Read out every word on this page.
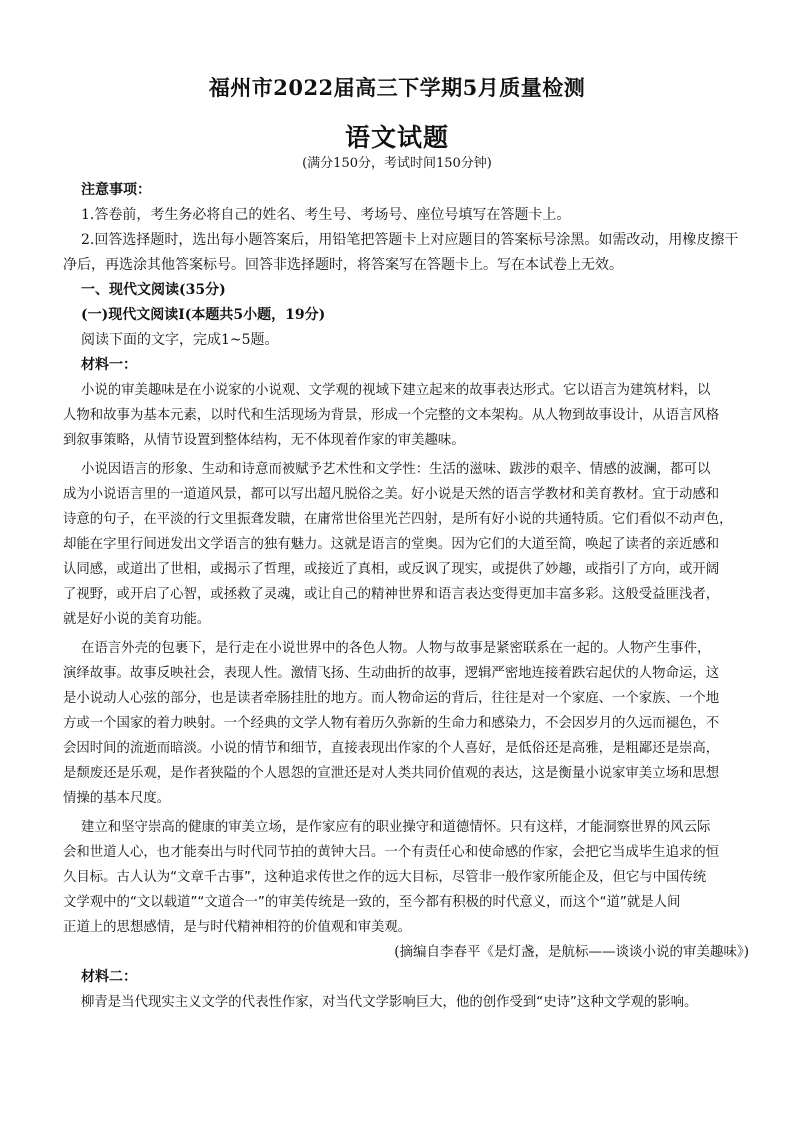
福州市2022届高三下学期5月质量检测
语文试题
(满分150分，考试时间150分钟)
注意事项：
1.答卷前，考生务必将自己的姓名、考生号、考场号、座位号填写在答题卡上。
2.回答选择题时，选出每小题答案后，用铅笔把答题卡上对应题目的答案标号涂黑。如需改动，用橡皮擦干
净后，再选涂其他答案标号。回答非选择题时，将答案写在答题卡上。写在本试卷上无效。
一、现代文阅读(35分)
(一)现代文阅读Ⅰ(本题共5小题，19分)
阅读下面的文字，完成1~5题。
材料一：
小说的审美趣味是在小说家的小说观、文学观的视域下建立起来的故事表达形式。它以语言为建筑材料，以
人物和故事为基本元素，以时代和生活现场为背景，形成一个完整的文本架构。从人物到故事设计，从语言风格
到叙事策略，从情节设置到整体结构，无不体现着作家的审美趣味。
小说因语言的形象、生动和诗意而被赋予艺术性和文学性：生活的滋味、跋涉的艰辛、情感的波澜，都可以
成为小说语言里的一道道风景，都可以写出超凡脱俗之美。好小说是天然的语言学教材和美育教材。宜于动感和
诗意的句子，在平淡的行文里振聋发聩，在庸常世俗里光芒四射，是所有好小说的共通特质。它们看似不动声色，
却能在字里行间迸发出文学语言的独有魅力。这就是语言的堂奥。因为它们的大道至简，唤起了读者的亲近感和
认同感，或道出了世相，或揭示了哲理，或接近了真相，或反讽了现实，或提供了妙趣，或指引了方向，或开阔
了视野，或开启了心智，或拯救了灵魂，或让自己的精神世界和语言表达变得更加丰富多彩。这般受益匪浅者，
就是好小说的美育功能。
在语言外壳的包裹下，是行走在小说世界中的各色人物。人物与故事是紧密联系在一起的。人物产生事件，
演绎故事。故事反映社会，表现人性。激情飞扬、生动曲折的故事，逻辑严密地连接着跌宕起伏的人物命运，这
是小说动人心弦的部分，也是读者牵肠挂肚的地方。而人物命运的背后，往往是对一个家庭、一个家族、一个地
方或一个国家的着力映射。一个经典的文学人物有着历久弥新的生命力和感染力，不会因岁月的久远而褪色，不
会因时间的流逝而暗淡。小说的情节和细节，直接表现出作家的个人喜好，是低俗还是高雅，是粗鄙还是崇高，
是颓废还是乐观，是作者狭隘的个人恩怨的宣泄还是对人类共同价值观的表达，这是衡量小说家审美立场和思想
情操的基本尺度。
建立和坚守崇高的健康的审美立场，是作家应有的职业操守和道德情怀。只有这样，才能洞察世界的风云际
会和世道人心，也才能奏出与时代同节拍的黄钟大吕。一个有责任心和使命感的作家，会把它当成毕生追求的恒
久目标。古人认为“文章千古事”，这种追求传世之作的远大目标，尽管非一般作家所能企及，但它与中国传统
文学观中的“文以载道”“文道合一”的审美传统是一致的，至今都有积极的时代意义，而这个“道”就是人间
正道上的思想感情，是与时代精神相符的价值观和审美观。
(摘编自李春平《是灯盏，是航标——谈谈小说的审美趣味》)
材料二：
柳青是当代现实主义文学的代表性作家，对当代文学影响巨大，他的创作受到“史诗”这种文学观的影响。
